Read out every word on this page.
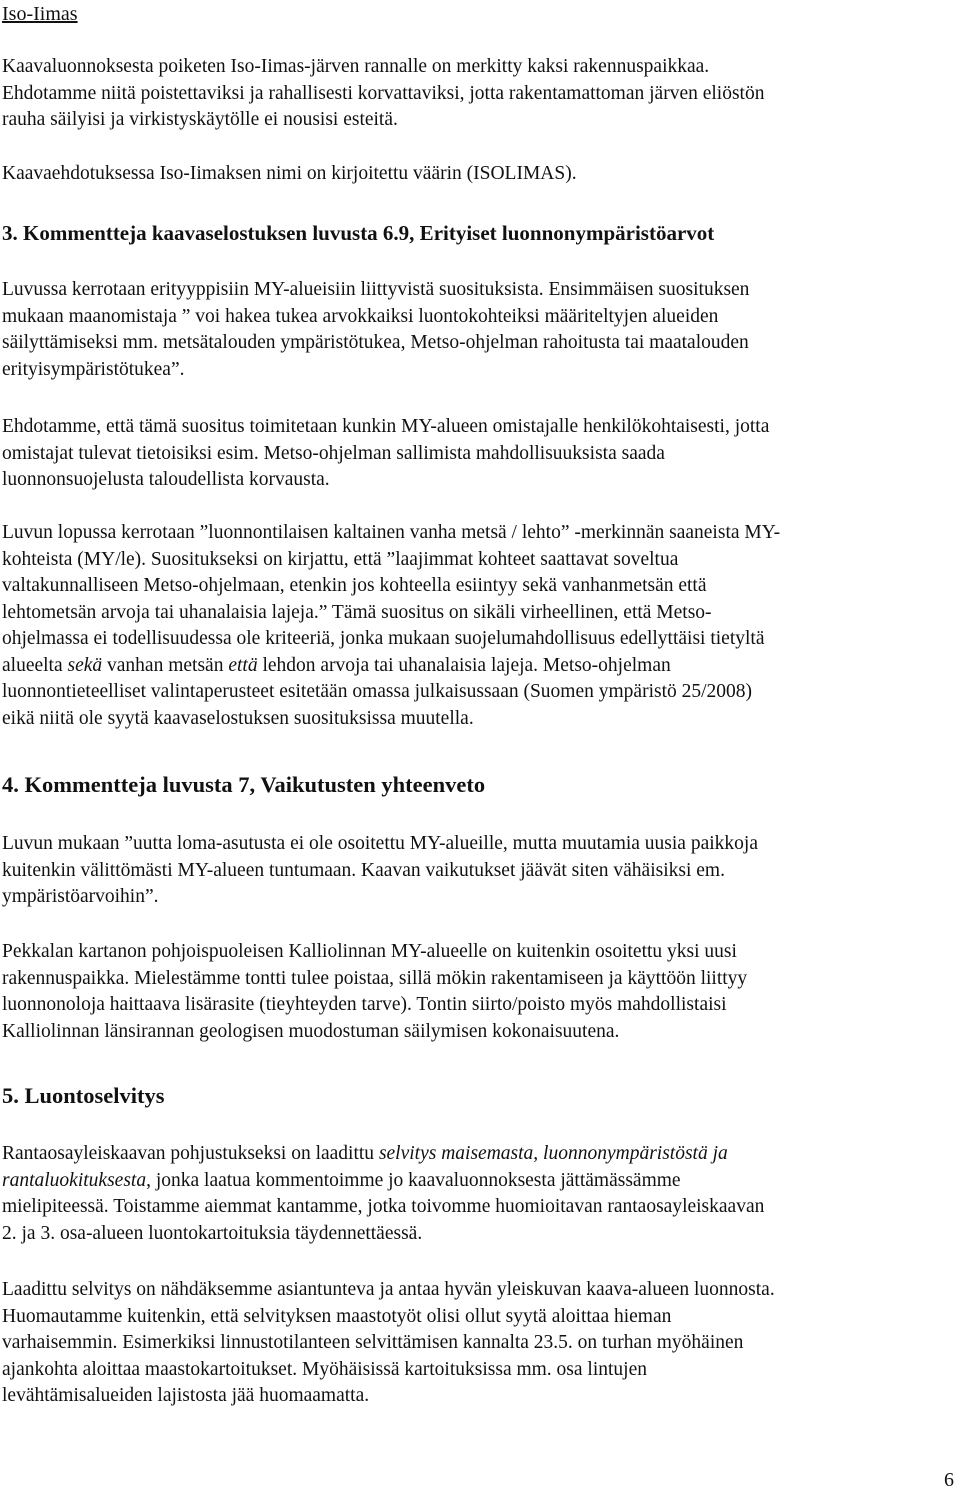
Iso-Iimas
Kaavaluonnoksesta poiketen Iso-Iimas-järven rannalle on merkitty kaksi rakennuspaikkaa.
Ehdotamme niitä poistettaviksi ja rahallisesti korvattaviksi, jotta rakentamattoman järven eliöstön
rauha säilyisi ja virkistyskäytölle ei nousisi esteitä.
Kaavaehdotuksessa Iso-Iimaksen nimi on kirjoitettu väärin (ISOLIMAS).
3. Kommentteja kaavaselostuksen luvusta 6.9, Erityiset luonnonympäristöarvot
Luvussa kerrotaan erityyppisiin MY-alueisiin liittyvistä suosituksista. Ensimmäisen suosituksen
mukaan maanomistaja ” voi hakea tukea arvokkaiksi luontokohteiksi määriteltyjen alueiden
säilyttämiseksi mm. metsätalouden ympäristötukea, Metso-ohjelman rahoitusta tai maatalouden
erityisympäristötukea”.
Ehdotamme, että tämä suositus toimitetaan kunkin MY-alueen omistajalle henkilökohtaisesti, jotta
omistajat tulevat tietoisiksi esim. Metso-ohjelman sallimista mahdollisuuksista saada
luonnonsuojelusta taloudellista korvausta.
Luvun lopussa kerrotaan ”luonnontilaisen kaltainen vanha metsä / lehto” -merkinnän saaneista MY-
kohteista (MY/le). Suositukseksi on kirjattu, että ”laajimmat kohteet saattavat soveltua
valtakunnalliseen Metso-ohjelmaan, etenkin jos kohteella esiintyy sekä vanhanmetsän että
lehtometsän arvoja tai uhanalaisia lajeja.” Tämä suositus on sikäli virheellinen, että Metso-
ohjelmassa ei todellisuudessa ole kriteeriä, jonka mukaan suojelumahdollisuus edellyttäisi tietyltä
alueelta sekä vanhan metsän että lehdon arvoja tai uhanalaisia lajeja. Metso-ohjelman
luonnontieteelliset valintaperusteet esitetään omassa julkaisussaan (Suomen ympäristö 25/2008)
eikä niitä ole syytä kaavaselostuksen suosituksissa muutella.
4. Kommentteja luvusta 7, Vaikutusten yhteenveto
Luvun mukaan ”uutta loma-asutusta ei ole osoitettu MY-alueille, mutta muutamia uusia paikkoja
kuitenkin välittömästi MY-alueen tuntumaan. Kaavan vaikutukset jäävät siten vähäisiksi em.
ympäristöarvoihin”.
Pekkalan kartanon pohjoispuoleisen Kalliolinnan MY-alueelle on kuitenkin osoitettu yksi uusi
rakennuspaikka. Mielestämme tontti tulee poistaa, sillä mökin rakentamiseen ja käyttöön liittyy
luonnonoloja haittaava lisärasite (tieyhteyden tarve). Tontin siirto/poisto myös mahdollistaisi
Kalliolinnan länsirannan geologisen muodostuman säilymisen kokonaisuutena.
5. Luontoselvitys
Rantaosayleiskaavan pohjustukseksi on laadittu selvitys maisemasta, luonnonympäristöstä ja
rantaluokituksesta, jonka laatua kommentoimme jo kaavaluonnoksesta jättämässämme
mielipiteessä. Toistamme aiemmat kantamme, jotka toivomme huomioitavan rantaosayleiskaavan
2. ja 3. osa-alueen luontokartoituksia täydennettäessä.
Laadittu selvitys on nähdäksemme asiantunteva ja antaa hyvän yleiskuvan kaava-alueen luonnosta.
Huomautamme kuitenkin, että selvityksen maastotyöt olisi ollut syytä aloittaa hieman
varhaisemmin. Esimerkiksi linnustotilanteen selvittämisen kannalta 23.5. on turhan myöhäinen
ajankohta aloittaa maastokartoitukset. Myöhäisissä kartoituksissa mm. osa lintujen
levähtämisalueiden lajistosta jää huomaamatta.
6
